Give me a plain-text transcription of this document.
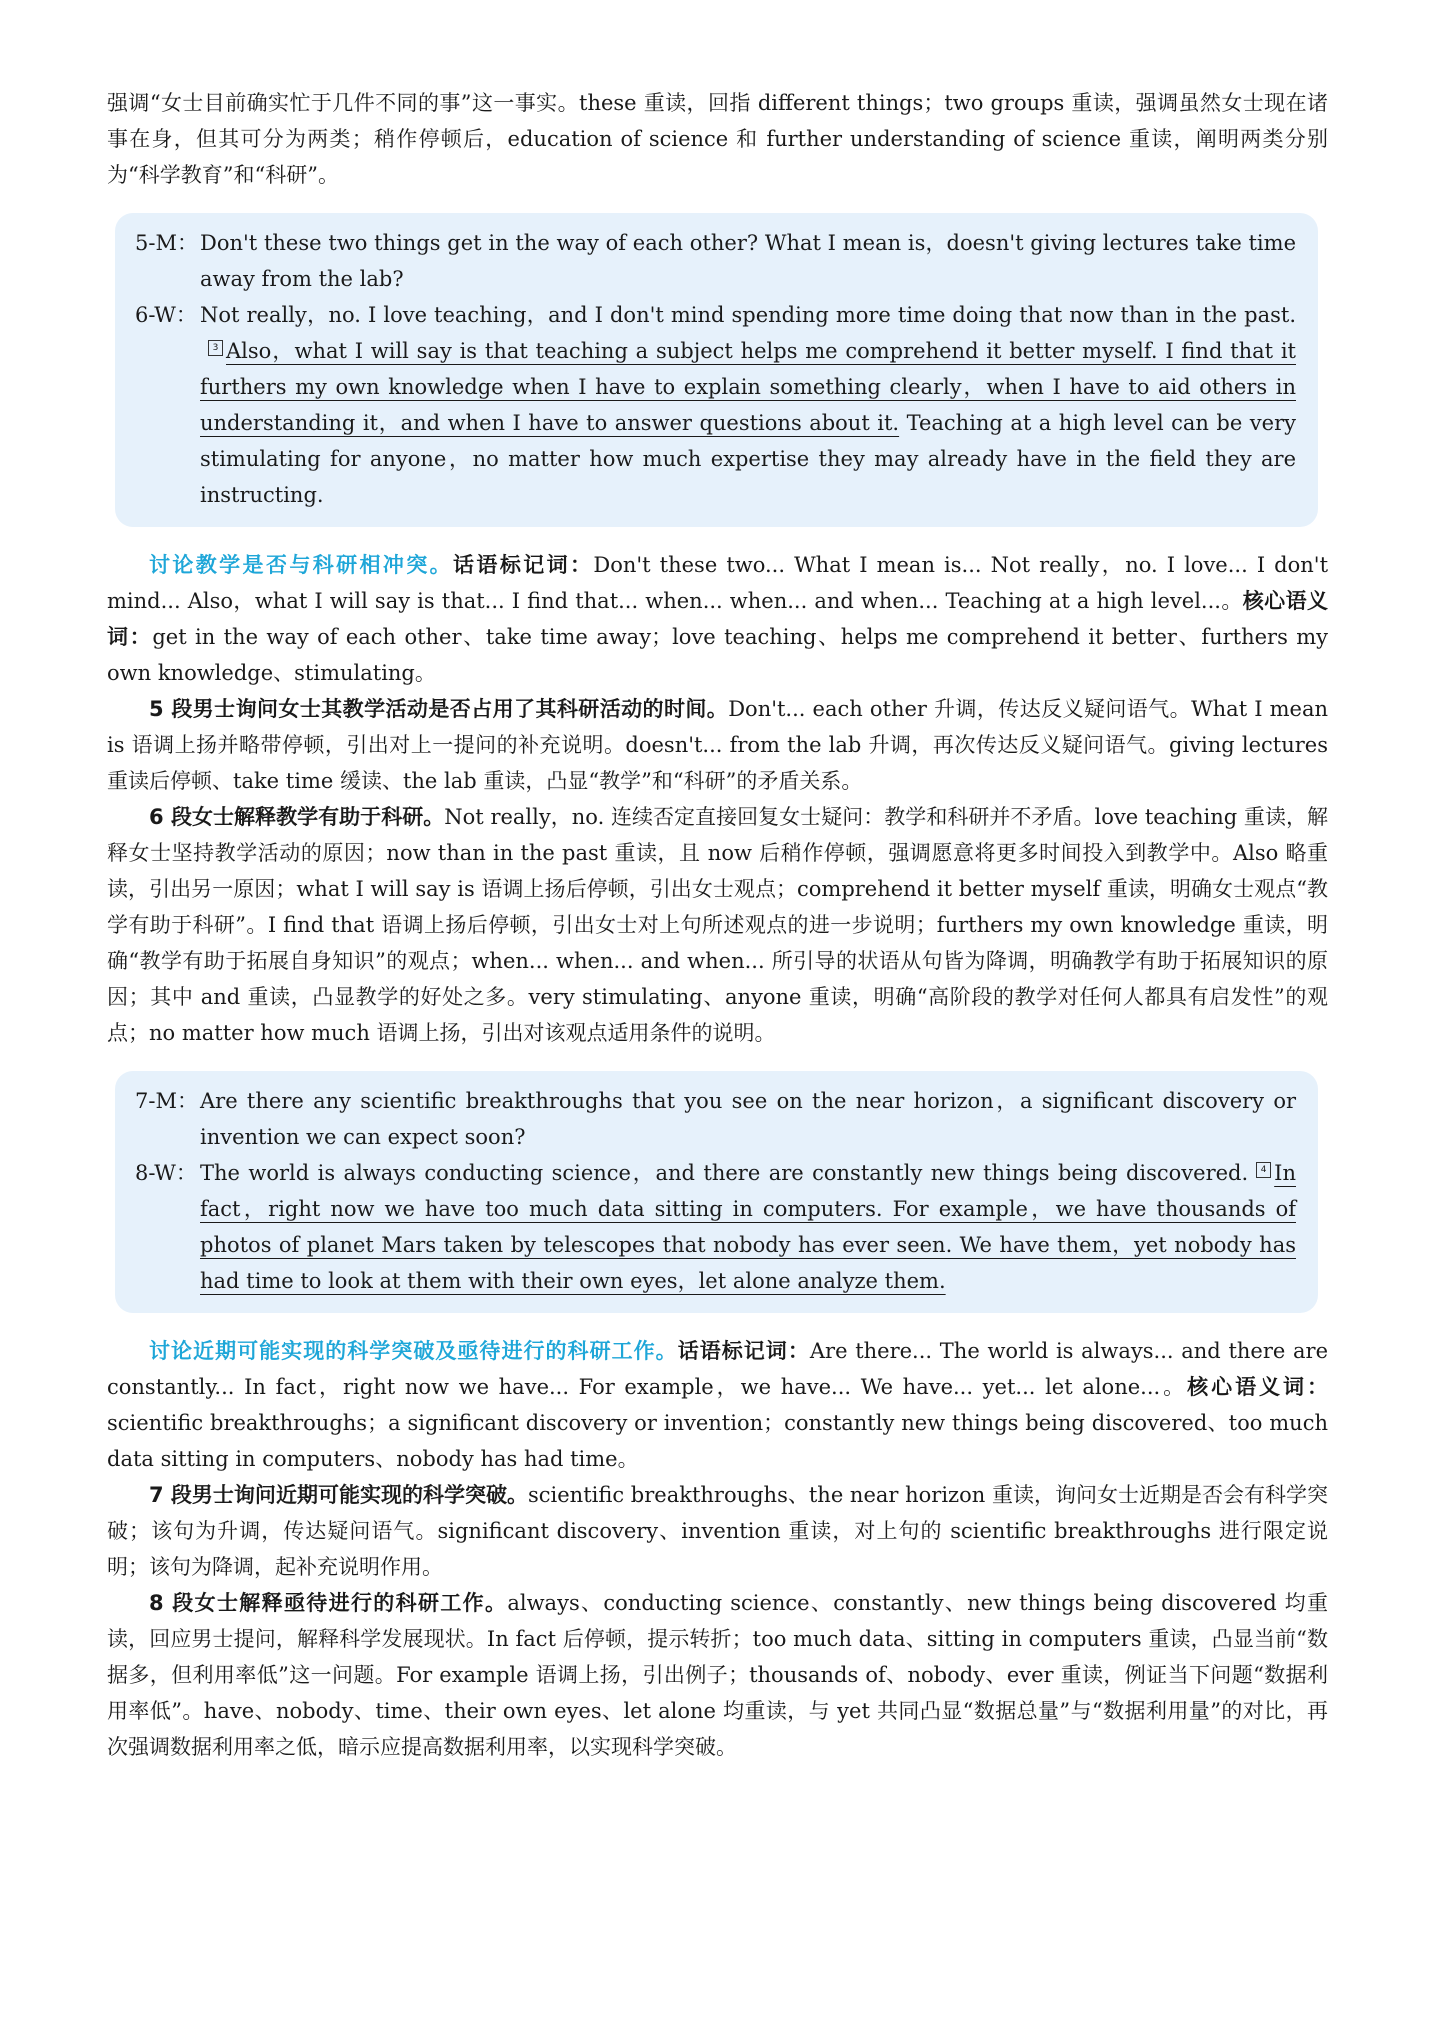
强调“女士目前确实忙于几件不同的事”这一事实。these 重读，回指 different things；two groups 重读，强调虽然女士现在诸事在身，但其可分为两类；稍作停顿后，education of science 和 further understanding of science 重读，阐明两类分别为“科学教育”和“科研”。

5-M： Don't these two things get in the way of each other? What I mean is，doesn't giving lectures take time away from the lab?
6-W： Not really，no. I love teaching，and I don't mind spending more time doing that now than in the past.3 Also，what I will say is that teaching a subject helps me comprehend it better myself. I find that it furthers my own knowledge when I have to explain something clearly，when I have to aid others in understanding it，and when I have to answer questions about it. Teaching at a high level can be very stimulating for anyone，no matter how much expertise they may already have in the field they are instructing.

讨论教学是否与科研相冲突。话语标记词：Don't these two... What I mean is... Not really，no. I love... I don't mind... Also，what I will say is that... I find that... when... when... and when... Teaching at a high level...。核心语义词：get in the way of each other、take time away；love teaching、helps me comprehend it better、furthers my own knowledge、stimulating。

5 段男士询问女士其教学活动是否占用了其科研活动的时间。Don't... each other 升调，传达反义疑问语气。What I mean is 语调上扬并略带停顿，引出对上一提问的补充说明。doesn't... from the lab 升调，再次传达反义疑问语气。giving lectures 重读后停顿、take time 缓读、the lab 重读，凸显“教学”和“科研”的矛盾关系。

6 段女士解释教学有助于科研。Not really，no. 连续否定直接回复女士疑问：教学和科研并不矛盾。love teaching 重读，解释女士坚持教学活动的原因；now than in the past 重读，且 now 后稍作停顿，强调愿意将更多时间投入到教学中。Also 略重读，引出另一原因；what I will say is 语调上扬后停顿，引出女士观点；comprehend it better myself 重读，明确女士观点“教学有助于科研”。I find that 语调上扬后停顿，引出女士对上句所述观点的进一步说明；furthers my own knowledge 重读，明确“教学有助于拓展自身知识”的观点；when... when... and when... 所引导的状语从句皆为降调，明确教学有助于拓展知识的原因；其中 and 重读，凸显教学的好处之多。very stimulating、anyone 重读，明确“高阶段的教学对任何人都具有启发性”的观点；no matter how much 语调上扬，引出对该观点适用条件的说明。

7-M： Are there any scientific breakthroughs that you see on the near horizon，a significant discovery or invention we can expect soon?
8-W： The world is always conducting science，and there are constantly new things being discovered. 4 In fact，right now we have too much data sitting in computers. For example，we have thousands of photos of planet Mars taken by telescopes that nobody has ever seen. We have them，yet nobody has had time to look at them with their own eyes，let alone analyze them.

讨论近期可能实现的科学突破及亟待进行的科研工作。话语标记词：Are there... The world is always... and there are constantly... In fact，right now we have... For example，we have... We have... yet... let alone...。核心语义词：scientific breakthroughs；a significant discovery or invention；constantly new things being discovered、too much data sitting in computers、nobody has had time。

7 段男士询问近期可能实现的科学突破。scientific breakthroughs、the near horizon 重读，询问女士近期是否会有科学突破；该句为升调，传达疑问语气。significant discovery、invention 重读，对上句的 scientific breakthroughs 进行限定说明；该句为降调，起补充说明作用。

8 段女士解释亟待进行的科研工作。always、conducting science、constantly、new things being discovered 均重读，回应男士提问，解释科学发展现状。In fact 后停顿，提示转折；too much data、sitting in computers 重读，凸显当前“数据多，但利用率低”这一问题。For example 语调上扬，引出例子；thousands of、nobody、ever 重读，例证当下问题“数据利用率低”。have、nobody、time、their own eyes、let alone 均重读，与 yet 共同凸显“数据总量”与“数据利用量”的对比，再次强调数据利用率之低，暗示应提高数据利用率，以实现科学突破。
